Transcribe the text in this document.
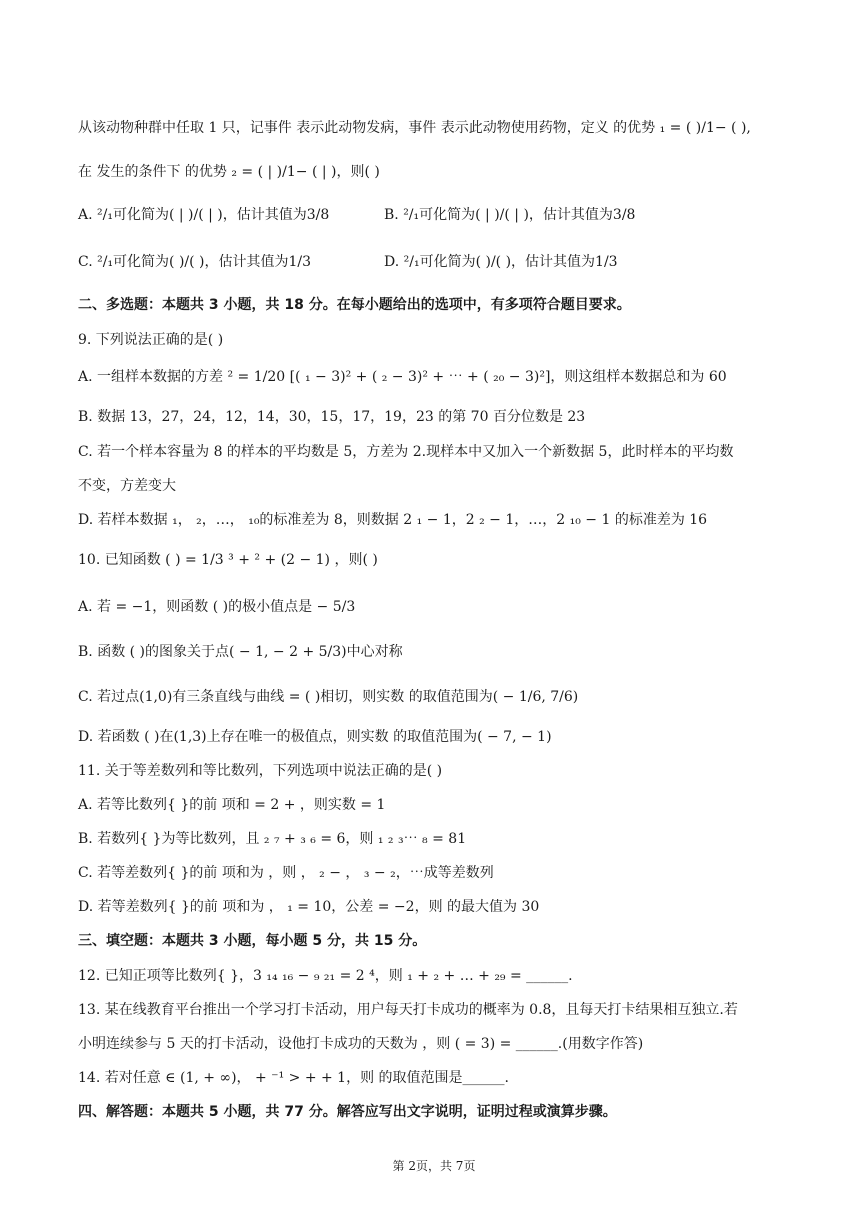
从该动物种群中任取 1 只，记事件 表示此动物发病，事件 表示此动物使用药物，定义 的优势 ₁ = ( )/1− ( ),
在 发生的条件下 的优势 ₂ = ( | )/1− ( | )，则( )
A. ²/₁可化简为( | )/( | )，估计其值为3/8	B. ²/₁可化简为( | )/( | )，估计其值为3/8
C. ²/₁可化简为( )/( )，估计其值为1/3	D. ²/₁可化简为( )/( )，估计其值为1/3
二、多选题：本题共 3 小题，共 18 分。在每小题给出的选项中，有多项符合题目要求。
9. 下列说法正确的是( )
A. 一组样本数据的方差 ² = 1/20 [( ₁ − 3)² + ( ₂ − 3)² + ⋯ + ( ₂₀ − 3)²]，则这组样本数据总和为 60
B. 数据 13，27，24，12，14，30，15，17，19，23 的第 70 百分位数是 23
C. 若一个样本容量为 8 的样本的平均数是 5，方差为 2.现样本中又加入一个新数据 5，此时样本的平均数
不变，方差变大
D. 若样本数据 ₁， ₂，…， ₁₀的标准差为 8，则数据 2 ₁ − 1，2 ₂ − 1，…，2 ₁₀ − 1 的标准差为 16
10. 已知函数 ( ) = 1/3 ³ + ² + (2 − 1) ，则( )
A. 若 = −1，则函数 ( )的极小值点是 − 5/3
B. 函数 ( )的图象关于点( − 1, − 2 + 5/3)中心对称
C. 若过点(1,0)有三条直线与曲线 = ( )相切，则实数 的取值范围为( − 1/6, 7/6)
D. 若函数 ( )在(1,3)上存在唯一的极值点，则实数 的取值范围为( − 7, − 1)
11. 关于等差数列和等比数列，下列选项中说法正确的是( )
A. 若等比数列{ }的前 项和 = 2 + ，则实数 = 1
B. 若数列{ }为等比数列，且 ₂ ₇ + ₃ ₆ = 6，则 ₁ ₂ ₃⋯ ₈ = 81
C. 若等差数列{ }的前 项和为 ，则 ， ₂ − ， ₃ − ₂，⋯成等差数列
D. 若等差数列{ }的前 项和为 ， ₁ = 10，公差 = −2，则 的最大值为 30
三、填空题：本题共 3 小题，每小题 5 分，共 15 分。
12. 已知正项等比数列{ }，3 ₁₄ ₁₆ − ₉ ₂₁ = 2 ⁴，则 ₁ + ₂ + … + ₂₉ = ______.
13. 某在线教育平台推出一个学习打卡活动，用户每天打卡成功的概率为 0.8，且每天打卡结果相互独立.若
小明连续参与 5 天的打卡活动，设他打卡成功的天数为 ，则 ( = 3) = ______.(用数字作答)
14. 若对任意 ∈ (1, + ∞)， + ⁻¹ > + + 1，则 的取值范围是______.
四、解答题：本题共 5 小题，共 77 分。解答应写出文字说明，证明过程或演算步骤。
第 2页，共 7页
